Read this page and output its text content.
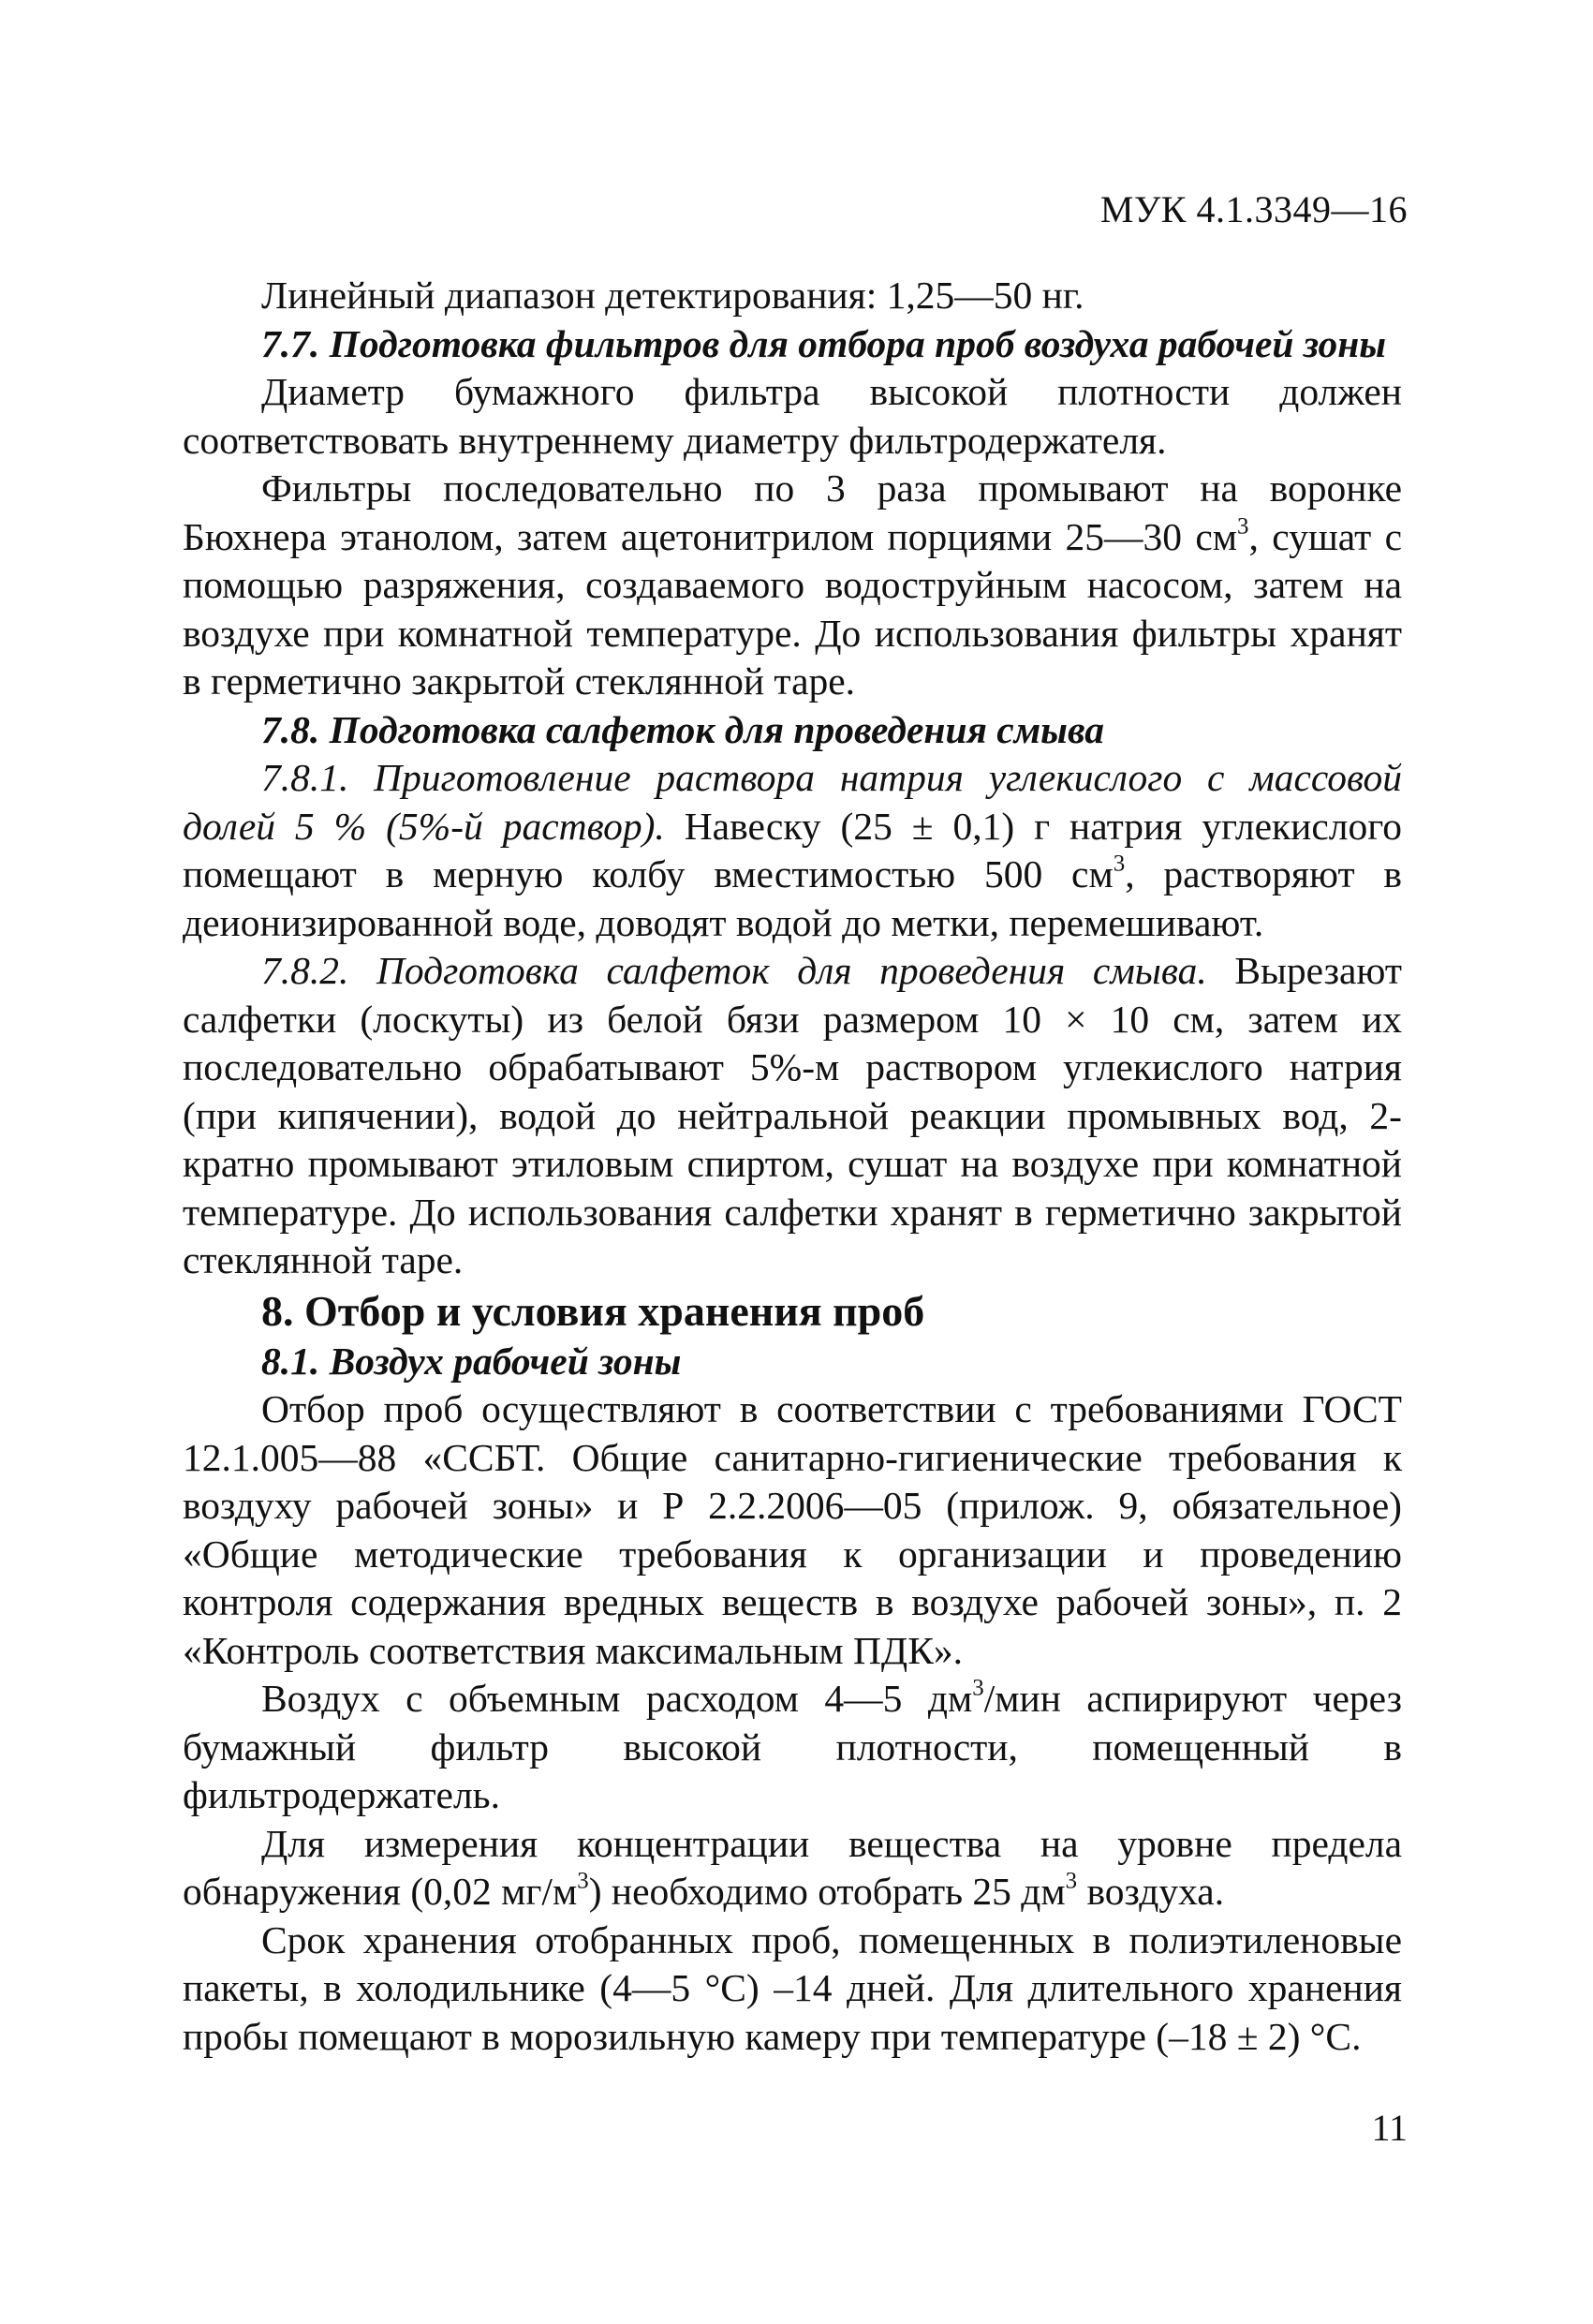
МУК 4.1.3349—16

Линейный диапазон детектирования: 1,25—50 нг.

7.7. Подготовка фильтров для отбора проб воздуха рабочей зоны

Диаметр бумажного фильтра высокой плотности должен соответствовать внутреннему диаметру фильтродержателя.

Фильтры последовательно по 3 раза промывают на воронке Бюхнера этанолом, затем ацетонитрилом порциями 25—30 $см^3$, сушат с помощью разряжения, создаваемого водоструйным насосом, затем на воздухе при комнатной температуре. До использования фильтры хранят в герметично закрытой стеклянной таре.

7.8. Подготовка салфеток для проведения смыва

7.8.1. Приготовление раствора натрия углекислого с массовой долей 5 % (5%-й раствор). Навеску (25 ± 0,1) г натрия углекислого помещают в мерную колбу вместимостью 500 $см^3$, растворяют в деионизированной воде, доводят водой до метки, перемешивают.

7.8.2. Подготовка салфеток для проведения смыва. Вырезают салфетки (лоскуты) из белой бязи размером 10 × 10 см, затем их последовательно обрабатывают 5%-м раствором углекислого натрия (при кипячении), водой до нейтральной реакции промывных вод, 2-кратно промывают этиловым спиртом, сушат на воздухе при комнатной температуре. До использования салфетки хранят в герметично закрытой стеклянной таре.

8. Отбор и условия хранения проб

8.1. Воздух рабочей зоны

Отбор проб осуществляют в соответствии с требованиями ГОСТ 12.1.005—88 «ССБТ. Общие санитарно-гигиенические требования к воздуху рабочей зоны» и Р 2.2.2006—05 (прилож. 9, обязательное) «Общие методические требования к организации и проведению контроля содержания вредных веществ в воздухе рабочей зоны», п. 2 «Контроль соответствия максимальным ПДК».

Воздух с объемным расходом 4—5 $дм^3$/мин аспирируют через бумажный фильтр высокой плотности, помещенный в фильтродержатель.

Для измерения концентрации вещества на уровне предела обнаружения (0,02 $мг/м^3$) необходимо отобрать 25 $дм^3$ воздуха.

Срок хранения отобранных проб, помещенных в полиэтиленовые пакеты, в холодильнике (4—5 °С) –14 дней. Для длительного хранения пробы помещают в морозильную камеру при температуре (–18 ± 2) °С.

11
